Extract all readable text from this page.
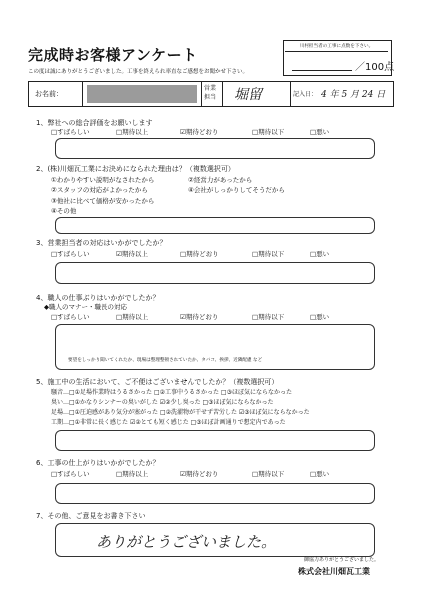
完成時お客様アンケート
この度は誠にありがとうございました。工事を終えられ率直なご感想をお聞かせ下さい。
川村担当者の工事に点数を下さい。
／100点
お名前：
営業
担当 堀留	記入日： 4 年 5 月 24 日
1、弊社への総合評価をお願いします
□すばらしい	□期待以上	☑期待どおり	□期待以下	□悪い
2、(株)川畑瓦工業にお決めになられた理由は？（複数選択可）
①わかりやすい説明がなされたから
②スタッフの対応がよかったから
③他社に比べて価格が安かったから
④その他
②経営力があったから
④会社がしっかりしてそうだから
3、営業担当者の対応はいかがでしたか？
□すばらしい	☑期待以上	□期待どおり	□期待以下	□悪い
4、職人の仕事ぶりはいかがでしたか？
◆職人のマナー・職長の対応
□すばらしい	□期待以上	☑期待どおり	□期待以下	□悪い
要望をしっかり聞いてくれたか、現場は整理整頓されていたか、タバコ、挨拶、近隣配慮 など
5、施工中の生活において、ご不便はございませんでしたか？（複数選択可）
騒音…□①足場作業時はうるさかった □②工事中うるさかった □③ほぼ気にならなかった
臭い…□①かなりシンナーの臭いがした ☑②少し臭った □③ほぼ気にならなかった
足場…□①圧迫感があり気分が塞がった □②洗濯物が干せず苦労した ☑③ほぼ気にならなかった
工期…□①非常に長く感じた ☑②とても短く感じた □③ほぼ計画通りで想定内であった
6、工事の仕上がりはいかがでしたか？
□すばらしい	□期待以上	☑期待どおり	□期待以下	□悪い
7、その他、ご意見をお書き下さい
ありがとうございました。
御協力ありがとうございました。
株式会社川畑瓦工業
